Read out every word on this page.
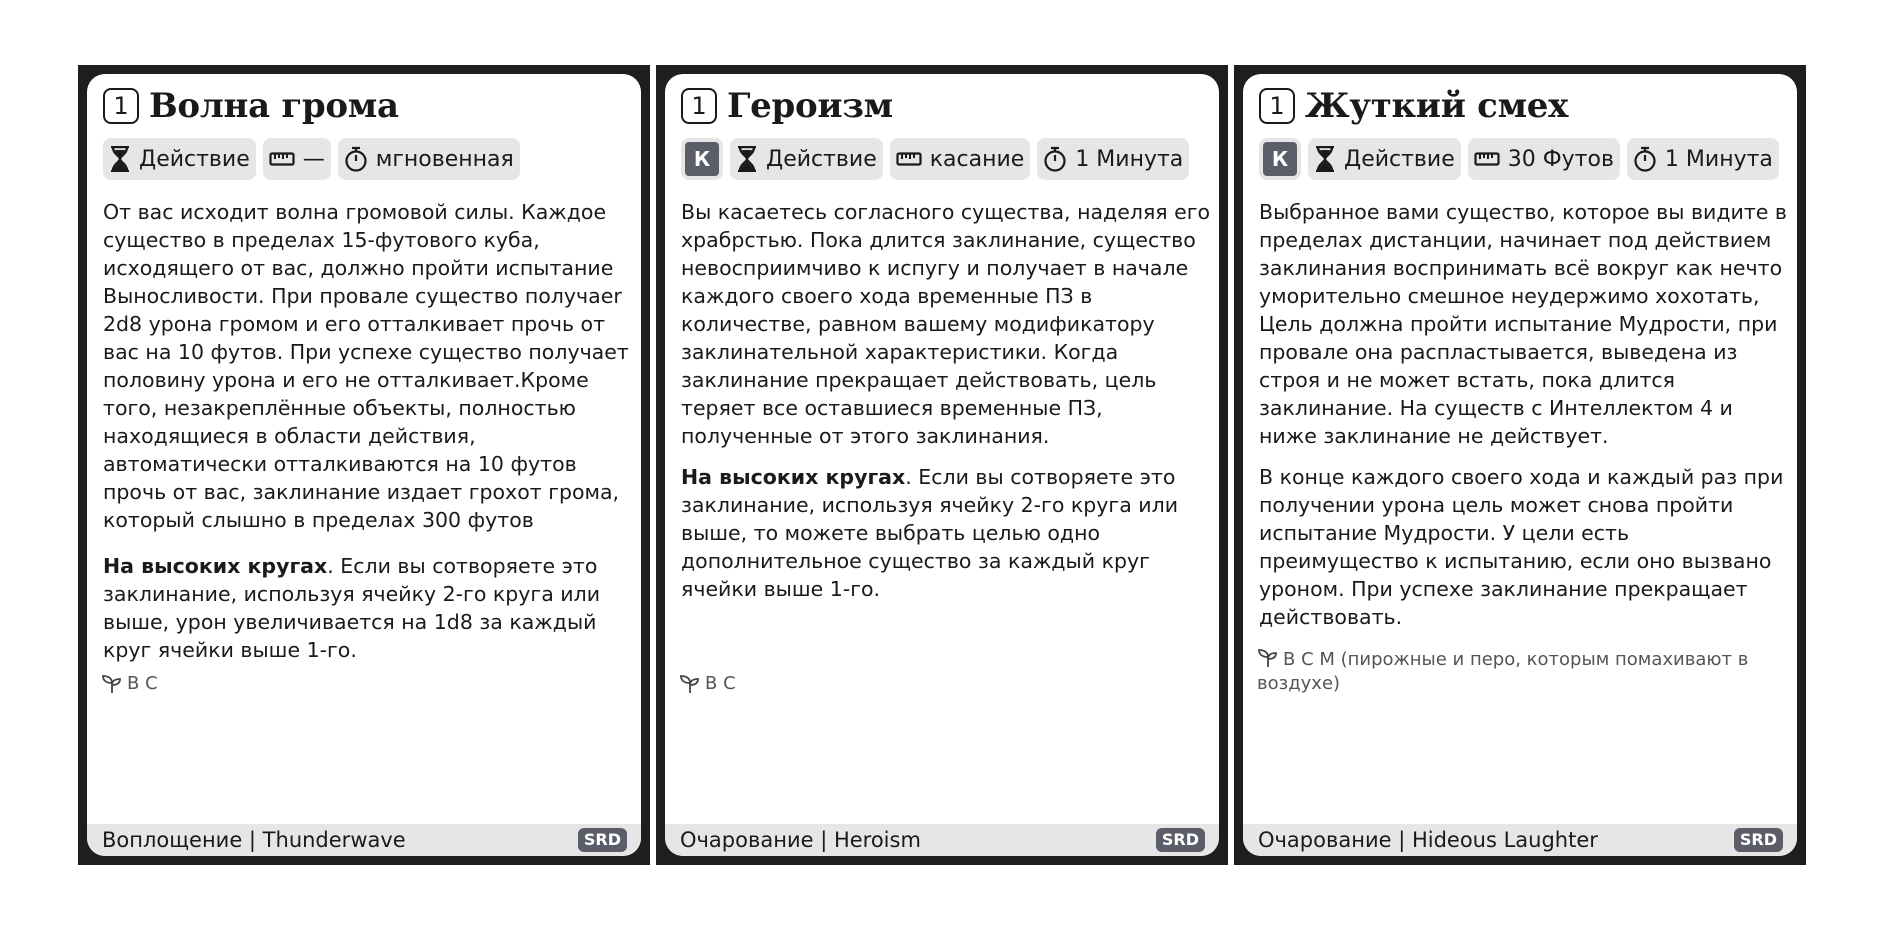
1 Волна грома
Действие — мгновенная

От вас исходит волна громовой силы. Каждое существо в пределах 15-футового куба, исходящего от вас, должно пройти испытание Выносливости. При провале существо получаer 2d8 урона громом и его отталкивает прочь от вас на 10 футов. При успехе существо получает половину урона и его не отталкивает.Кроме того, незакреплённые объекты, полностью находящиеся в области действия, автоматически отталкиваются на 10 футов прочь от вас, заклинание издает грохот грома, который слышно в пределах 300 футов

На высоких кругах. Если вы сотворяете это заклинание, используя ячейку 2-го круга или выше, урон увеличивается на 1d8 за каждый круг ячейки выше 1-го.

В С
Воплощение | Thunderwave	SRD
1 Героизм
К	Действие касание 1 Минута

Вы касаетесь согласного существа, наделяя его храбрстью. Пока длится заклинание, существо невосприимчиво к испугу и получает в начале каждого своего хода временные ПЗ в количестве, равном вашему модификатору заклинательной характеристики. Когда заклинание прекращает действовать, цель теряет все оставшиеся временные ПЗ, полученные от этого заклинания.

На высоких кругах. Если вы сотворяете это заклинание, используя ячейку 2-го круга или выше, то можете выбрать целью одно дополнительное существо за каждый круг ячейки выше 1-го.

В С
Очарование | Heroism	SRD
1 Жуткий смех
К	Действие 30 Футов 1 Минута

Выбранное вами существо, которое вы видите в пределах дистанции, начинает под действием заклинания воспринимать всё вокруг как нечто уморительно смешное неудержимо хохотать, Цель должна пройти испытание Мудрости, при провале она распластывается, выведена из строя и не может встать, пока длится заклинание. На существ с Интеллектом 4 и ниже заклинание не действует.

В конце каждого своего хода и каждый раз при получении урона цель может снова пройти испытание Мудрости. У цели есть преимущество к испытанию, если оно вызвано уроном. При успехе заклинание прекращает действовать.

В С М (пирожные и перо, которым помахивают в воздухе)
Очарование | Hideous Laughter	SRD
